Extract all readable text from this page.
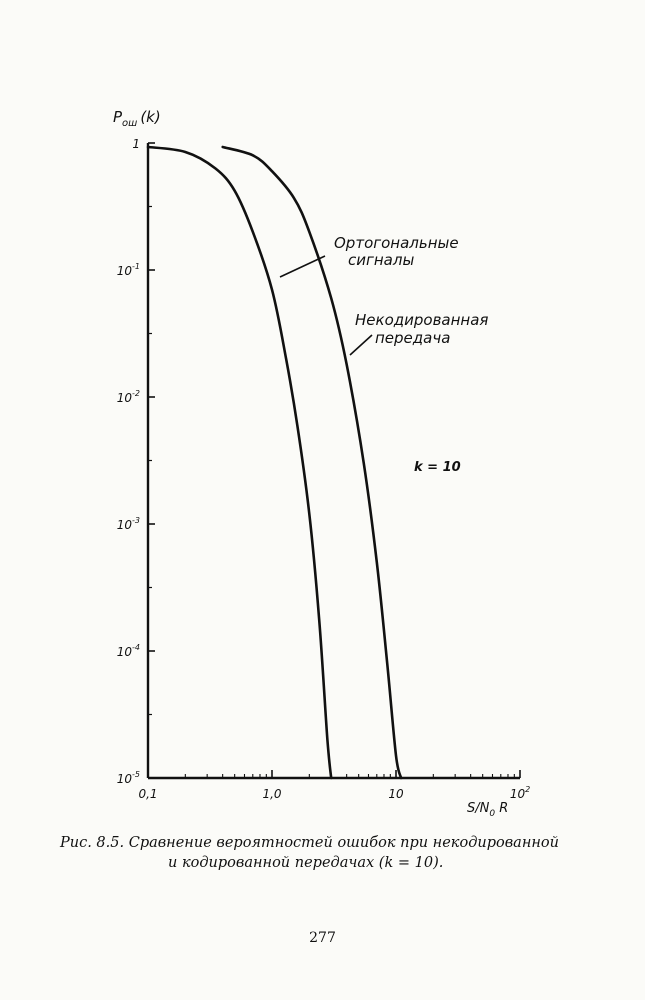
1
$10^{-1}$
$10^{-2}$
$10^{-3}$
$10^{-4}$
$10^{-5}$
0,1	1,0	10	$10^2$
$P_{ош}$ (k)
$S/N_0$ R
Ортогональные
сигналы
Некодированная
передача
k = 10
Рис. 8.5. Сравнение вероятностей ошибок при некодированной
и кодированной передачах (k = 10).
277
